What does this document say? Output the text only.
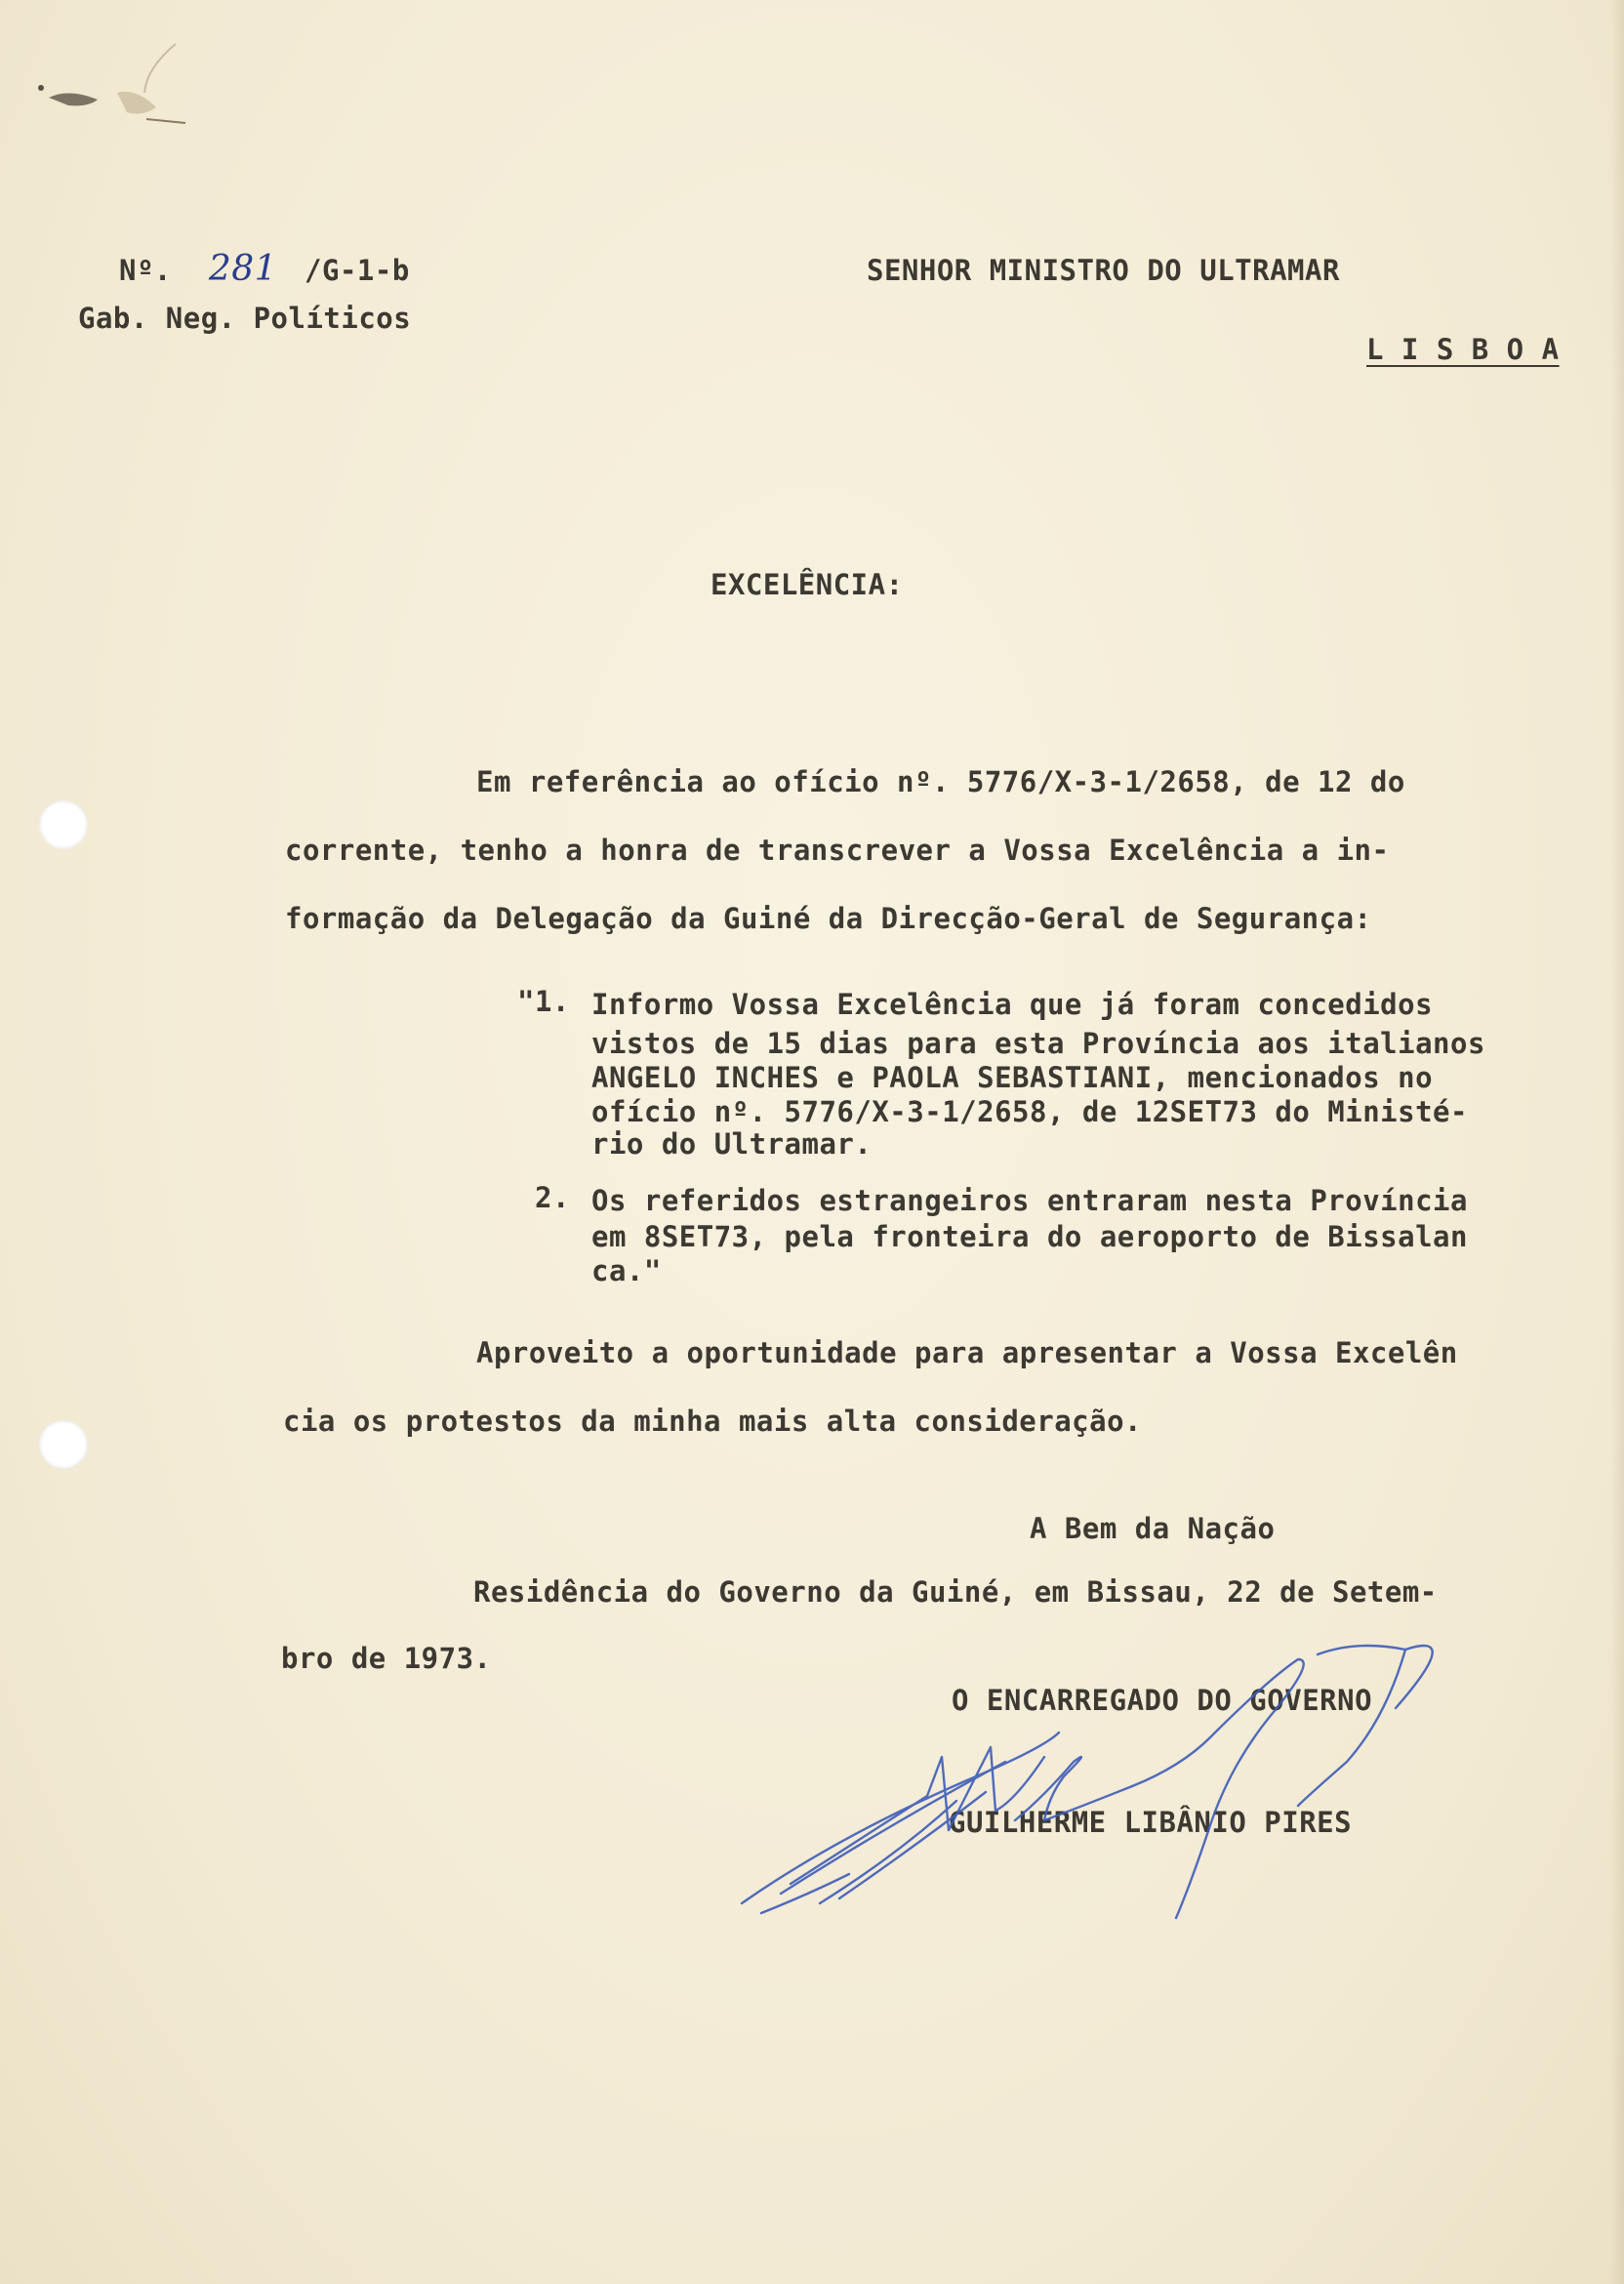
Nº. 281 /G-1-b
Gab. Neg. Políticos
SENHOR MINISTRO DO ULTRAMAR
L I S B O A
EXCELÊNCIA:
Em referência ao ofício nº. 5776/X-3-1/2658, de 12 do
corrente, tenho a honra de transcrever a Vossa Excelência a in-
formação da Delegação da Guiné da Direcção-Geral de Segurança:
"1. Informo Vossa Excelência que já foram concedidos
vistos de 15 dias para esta Província aos italianos
ANGELO INCHES e PAOLA SEBASTIANI, mencionados no
ofício nº. 5776/X-3-1/2658, de 12SET73 do Ministé-
rio do Ultramar.
2. Os referidos estrangeiros entraram nesta Província
em 8SET73, pela fronteira do aeroporto de Bissalan
ca."
Aproveito a oportunidade para apresentar a Vossa Excelên
cia os protestos da minha mais alta consideração.
A Bem da Nação
Residência do Governo da Guiné, em Bissau, 22 de Setem-
bro de 1973.
O ENCARREGADO DO GOVERNO
GUILHERME LIBÂNIO PIRES
